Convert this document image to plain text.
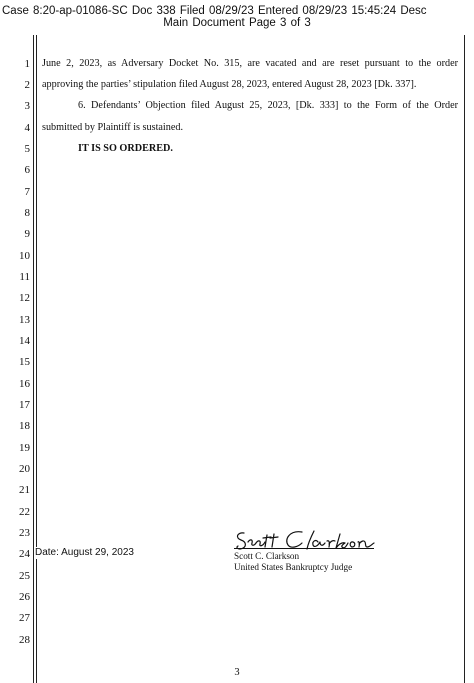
Case 8:20-ap-01086-SC Doc 338 Filed 08/29/23 Entered 08/29/23 15:45:24 Desc
Main Document Page 3 of 3
1
2
3
4
5
6
7
8
9
10
11
12
13
14
15
16
17
18
19
20
21
22
23
24
25
26
27
28
June 2, 2023, as Adversary Docket No. 315, are vacated and are reset pursuant to the order
approving the parties’ stipulation filed August 28, 2023, entered August 28, 2023 [Dk. 337].
6. Defendants’ Objection filed August 25, 2023, [Dk. 333] to the Form of the Order
submitted by Plaintiff is sustained.
IT IS SO ORDERED.
Date: August 29, 2023	Scott C. Clarkson
United States Bankruptcy Judge
3
